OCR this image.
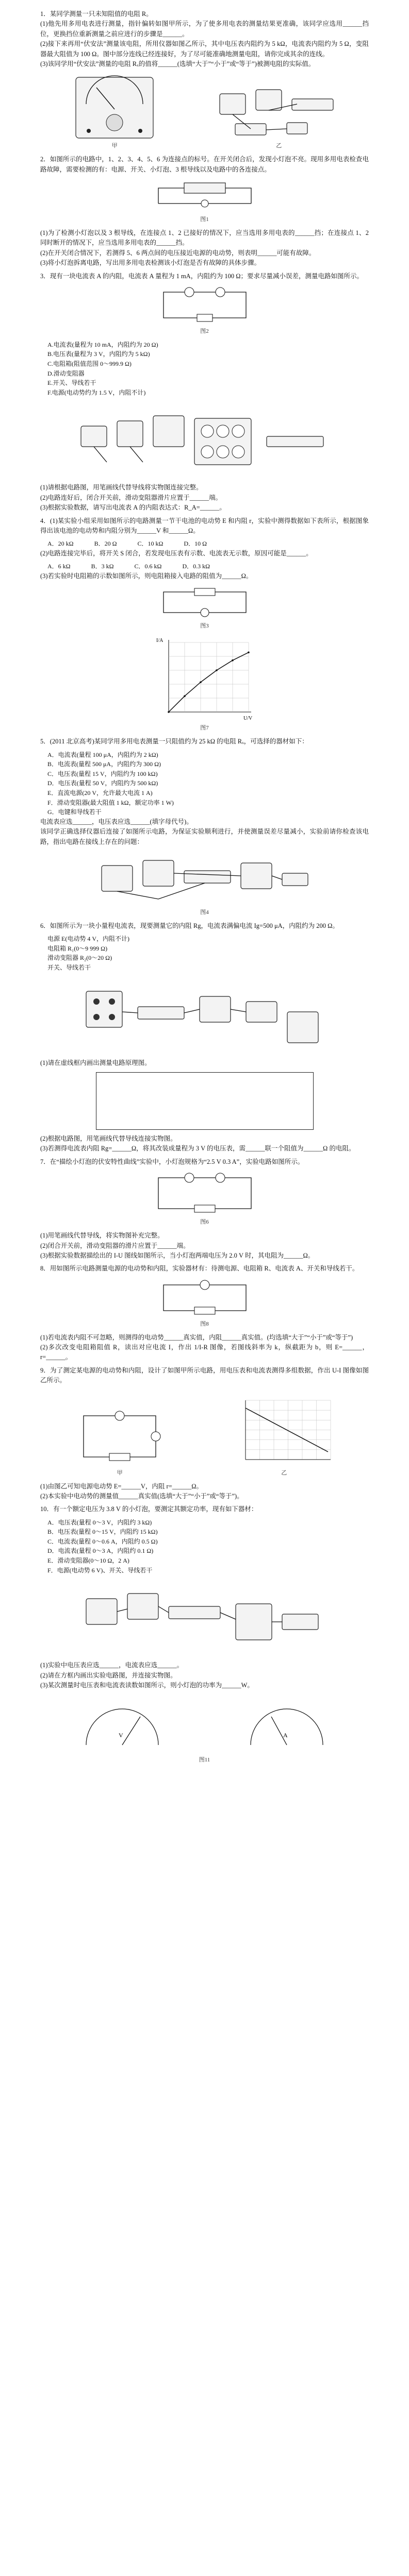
1．某同学测量一只未知阻值的电阻 R。

(1)他先用多用电表进行测量，指针偏转如图甲所示，为了使多用电表的测量结果更准确，该同学应选用______挡位，更换挡位重新测量之前应进行的步骤是______。

(2)接下来再用“伏安法”测量该电阻，所用仪器如图乙所示，其中电压表内阻约为 5 kΩ，电流表内阻约为 5 Ω，变阻器最大阻值为 100 Ω。图中部分连线已经连接好，为了尽可能准确地测量电阻，请你完成其余的连线。

(3)该同学用“伏安法”测量的电阻 Rₓ的值将______(选填“大于”“小于”或“等于”)被测电阻的实际值。

甲	乙

2．如图所示的电路中，1、2、3、4、5、6 为连接点的标号。在开关闭合后，发现小灯泡不亮。现用多用电表检查电路故障，需要检测的有：电源、开关、小灯泡、3 根导线以及电路中的各连接点。

图1

(1)为了检测小灯泡以及 3 根导线，在连接点 1、2 已接好的情况下，应当选用多用电表的______挡；在连接点 1、2 同时断开的情况下，应当选用多用电表的______挡。

(2)在开关闭合情况下，若测得 5、6 两点间的电压接近电源的电动势，则表明______可能有故障。

(3)将小灯泡拆离电路，写出用多用电表检测该小灯泡是否有故障的具体步骤。

3．现有一块电流表 A 的内阻，电流表 A 量程为 1 mA，内阻约为 100 Ω；要求尽量减小误差，测量电路如图所示。

图2

A.电流表(量程为 10 mA，内阻约为 20 Ω)

B.电压表(量程为 3 V，内阻约为 5 kΩ)

C.电阻箱(阻值范围 0～999.9 Ω)

D.滑动变阻器

E.开关、导线若干

F.电源(电动势约为 1.5 V，内阻不计)

(1)请根据电路图，用笔画线代替导线将实物图连接完整。

(2)电路连好后，闭合开关前，滑动变阻器滑片应置于______端。

(3)根据实验数据，请写出电流表 A 的内阻表达式：R_A=______。

4．(1)某实验小组采用如图所示的电路测量一节干电池的电动势 E 和内阻 r，实验中测得数据如下表所示，根据图象得出该电池的电动势和内阻分别为______V 和______Ω。

A．20 kΩ	B．20 Ω	C．10 kΩ	D．10 Ω

(2)电路连接完毕后，将开关 S 闭合，若发现电压表有示数、电流表无示数，原因可能是______。

A．6 kΩ	B．3 kΩ	C．0.6 kΩ	D．0.3 kΩ

(3)若实验时电阻箱的示数如图所示，则电阻箱接入电路的阻值为______Ω。

图3

U/V
I/A
图7

5．(2011 北京高考)某同学用多用电表测量一只阻值约为 25 kΩ 的电阻 Rₓ，可选择的器材如下：

A．电流表(量程 100 μA，内阻约为 2 kΩ)

B．电流表(量程 500 μA，内阻约为 300 Ω)

C．电压表(量程 15 V，内阻约为 100 kΩ)

D．电压表(量程 50 V，内阻约为 500 kΩ)

E．直流电源(20 V，允许最大电流 1 A)

F．滑动变阻器(最大阻值 1 kΩ，额定功率 1 W)

G．电键和导线若干

电流表应选______，电压表应选______(填字母代号)。

该同学正确选择仪器后连接了如图所示电路，为保证实验顺利进行，并使测量误差尽量减小，实验前请你检查该电路，指出电路在接线上存在的问题：

图4

6．如图所示为一块小量程电流表，现要测量它的内阻 Rg，电流表满偏电流 Ig=500 μA，内阻约为 200 Ω。

电源 E(电动势 4 V，内阻不计)

电阻箱 R₁(0～9 999 Ω)

滑动变阻器 R₂(0～20 Ω)

开关、导线若干

(1)请在虚线框内画出测量电路原理图。

(2)根据电路图，用笔画线代替导线连接实物图。

(3)若测得电流表内阻 Rg=______Ω，将其改装成量程为 3 V 的电压表，需______联一个阻值为______Ω 的电阻。

7．在“描绘小灯泡的伏安特性曲线”实验中，小灯泡规格为“2.5 V 0.3 A”，实验电路如图所示。

图6

(1)用笔画线代替导线，将实物图补充完整。

(2)闭合开关前，滑动变阻器的滑片应置于______端。

(3)根据实验数据描绘出的 I-U 图线如图所示，当小灯泡两端电压为 2.0 V 时，其电阻为______Ω。

8．用如图所示电路测量电源的电动势和内阻，实验器材有：待测电源、电阻箱 R、电流表 A、开关和导线若干。

图8

(1)若电流表内阻不可忽略，则测得的电动势______真实值，内阻______真实值。(均选填“大于”“小于”或“等于”)

(2)多次改变电阻箱阻值 R，读出对应电流 I，作出 1/I-R 图像，若图线斜率为 k，纵截距为 b，则 E=______，r=______。

9．为了测定某电源的电动势和内阻，设计了如图甲所示电路，用电压表和电流表测得多组数据，作出 U-I 图像如图乙所示。

甲	乙

(1)由图乙可知电源电动势 E=______V，内阻 r=______Ω。

(2)本实验中电动势的测量值______真实值(选填“大于”“小于”或“等于”)。

10．有一个额定电压为 3.8 V 的小灯泡，要测定其额定功率，现有如下器材：

A．电压表(量程 0～3 V，内阻约 3 kΩ)

B．电压表(量程 0～15 V，内阻约 15 kΩ)

C．电流表(量程 0～0.6 A，内阻约 0.5 Ω)

D．电流表(量程 0～3 A，内阻约 0.1 Ω)

E．滑动变阻器(0～10 Ω，2 A)

F．电源(电动势 6 V)、开关、导线若干

(1)实验中电压表应选______，电流表应选______。

(2)请在方框内画出实验电路图，并连接实物图。

(3)某次测量时电压表和电流表读数如图所示，则小灯泡的功率为______W。

V	A
图11
